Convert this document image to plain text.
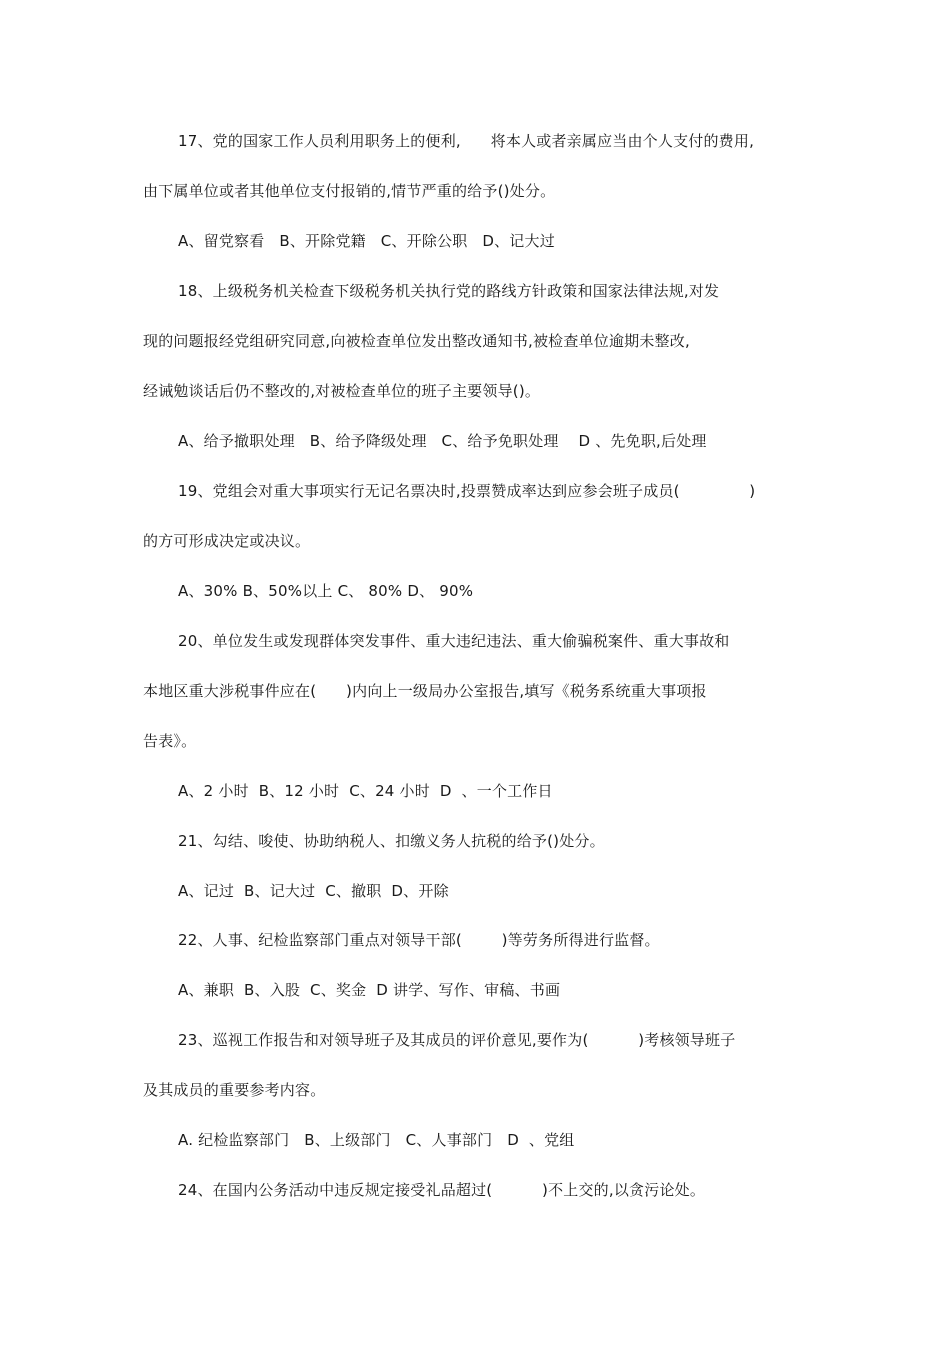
17、党的国家工作人员利用职务上的便利,      将本人或者亲属应当由个人支付的费用,
由下属单位或者其他单位支付报销的,情节严重的给予()处分。
A、留党察看   B、开除党籍   C、开除公职   D、记大过
18、上级税务机关检查下级税务机关执行党的路线方针政策和国家法律法规,对发
现的问题报经党组研究同意,向被检查单位发出整改通知书,被检查单位逾期未整改,
经诫勉谈话后仍不整改的,对被检查单位的班子主要领导()。
A、给予撤职处理   B、给予降级处理   C、给予免职处理    D 、先免职,后处理
19、党组会对重大事项实行无记名票决时,投票赞成率达到应参会班子成员(              )
的方可形成决定或决议。
A、30% B、50%以上 C、 80% D、 90%
20、单位发生或发现群体突发事件、重大违纪违法、重大偷骗税案件、重大事故和
本地区重大涉税事件应在(      )内向上一级局办公室报告,填写《税务系统重大事项报
告表》。
A、2 小时  B、12 小时  C、24 小时  D  、一个工作日
21、勾结、唆使、协助纳税人、扣缴义务人抗税的给予()处分。
A、记过  B、记大过  C、撤职  D、开除
22、人事、纪检监察部门重点对领导干部(        )等劳务所得进行监督。
A、兼职  B、入股  C、奖金  D 讲学、写作、审稿、书画
23、巡视工作报告和对领导班子及其成员的评价意见,要作为(          )考核领导班子
及其成员的重要参考内容。
A. 纪检监察部门   B、上级部门   C、人事部门   D  、党组
24、在国内公务活动中违反规定接受礼品超过(          )不上交的,以贪污论处。
